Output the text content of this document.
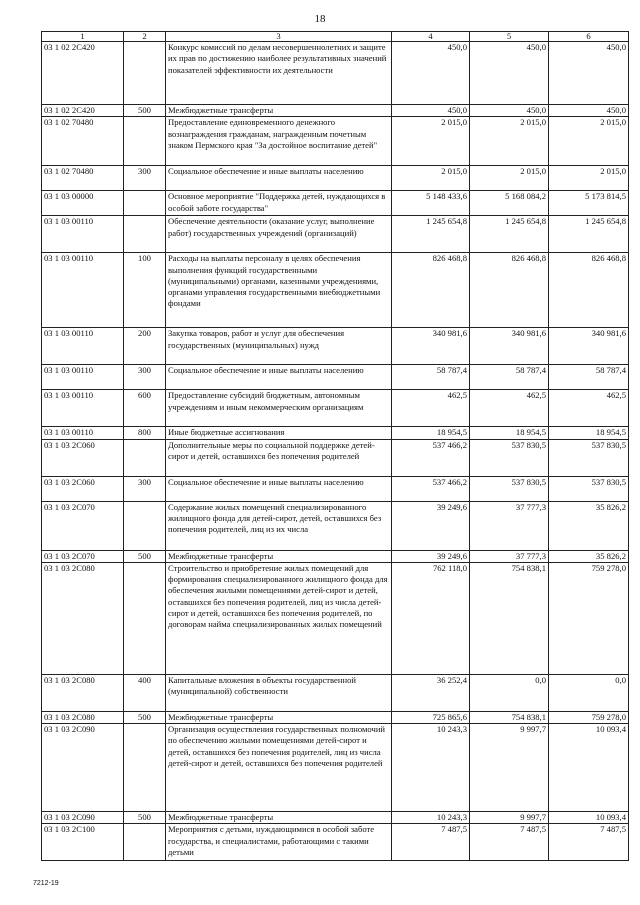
18
1	2	3	4	5	6
03 1 02 2С420		Конкурс комиссий по делам несовершеннолетних и защите их прав по достижению наиболее результативных значений показателей эффективности их деятельности	450,0	450,0	450,0
03 1 02 2С420	500	Межбюджетные трансферты	450,0	450,0	450,0
03 1 02 70480		Предоставление единовременного денежного вознаграждения гражданам, награжденным почетным знаком Пермского края "За достойное воспитание детей"	2 015,0	2 015,0	2 015,0
03 1 02 70480	300	Социальное обеспечение и иные выплаты населению	2 015,0	2 015,0	2 015,0
03 1 03 00000		Основное мероприятие "Поддержка детей, нуждающихся в особой заботе государства"	5 148 433,6	5 168 084,2	5 173 814,5
03 1 03 00110		Обеспечение деятельности (оказание услуг, выполнение работ) государственных учреждений (организаций)	1 245 654,8	1 245 654,8	1 245 654,8
03 1 03 00110	100	Расходы на выплаты персоналу в целях обеспечения выполнения функций государственными (муниципальными) органами, казенными учреждениями, органами управления государственными внебюджетными фондами	826 468,8	826 468,8	826 468,8
03 1 03 00110	200	Закупка товаров, работ и услуг для обеспечения государственных (муниципальных) нужд	340 981,6	340 981,6	340 981,6
03 1 03 00110	300	Социальное обеспечение и иные выплаты населению	58 787,4	58 787,4	58 787,4
03 1 03 00110	600	Предоставление субсидий бюджетным, автономным учреждениям и иным некоммерческим организациям	462,5	462,5	462,5
03 1 03 00110	800	Иные бюджетные ассигнования	18 954,5	18 954,5	18 954,5
03 1 03 2С060		Дополнительные меры по социальной поддержке детей-сирот и детей, оставшихся без попечения родителей	537 466,2	537 830,5	537 830,5
03 1 03 2С060	300	Социальное обеспечение и иные выплаты населению	537 466,2	537 830,5	537 830,5
03 1 03 2С070		Содержание жилых помещений специализированного жилищного фонда для детей-сирот, детей, оставшихся без попечения родителей, лиц из их числа	39 249,6	37 777,3	35 826,2
03 1 03 2С070	500	Межбюджетные трансферты	39 249,6	37 777,3	35 826,2
03 1 03 2С080		Строительство и приобретение жилых помещений для формирования специализированного жилищного фонда для обеспечения жилыми помещениями детей-сирот и детей, оставшихся без попечения родителей, лиц из числа детей-сирот и детей, оставшихся без попечения родителей, по договорам найма специализированных жилых помещений	762 118,0	754 838,1	759 278,0
03 1 03 2С080	400	Капитальные вложения в объекты государственной (муниципальной) собственности	36 252,4	0,0	0,0
03 1 03 2С080	500	Межбюджетные трансферты	725 865,6	754 838,1	759 278,0
03 1 03 2С090		Организация осуществления государственных полномочий по обеспечению жилыми помещениями детей-сирот и детей, оставшихся без попечения родителей, лиц из числа детей-сирот и детей, оставшихся без попечения родителей	10 243,3	9 997,7	10 093,4
03 1 03 2С090	500	Межбюджетные трансферты	10 243,3	9 997,7	10 093,4
03 1 03 2С100		Мероприятия с детьми, нуждающимися в особой заботе государства, и специалистами, работающими с такими детьми	7 487,5	7 487,5	7 487,5
7212-19
